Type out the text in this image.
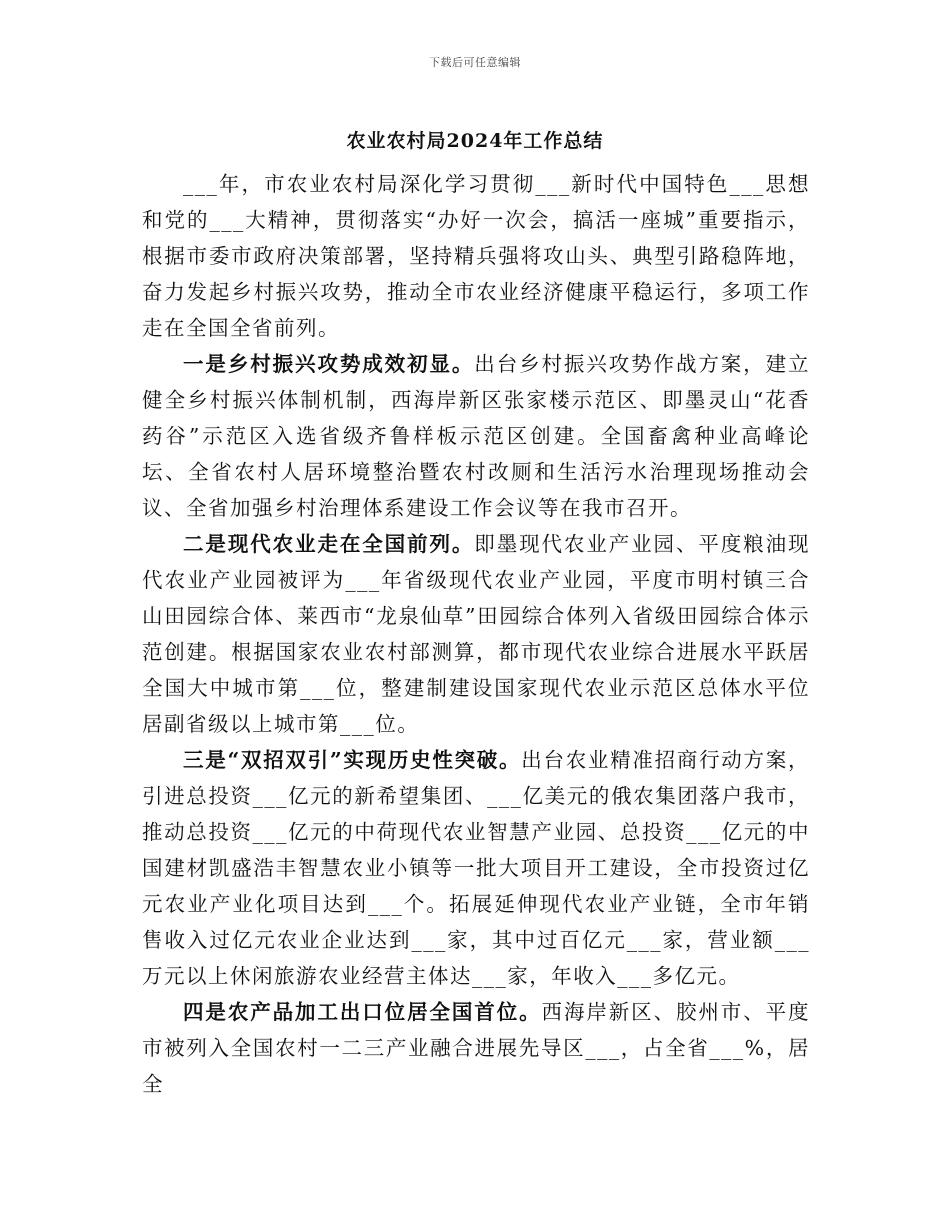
下载后可任意编辑
农业农村局2024年工作总结

___年，市农业农村局深化学习贯彻___新时代中国特色___思想和党的___大精神，贯彻落实“办好一次会，搞活一座城”重要指示，根据市委市政府决策部署，坚持精兵强将攻山头、典型引路稳阵地，奋力发起乡村振兴攻势，推动全市农业经济健康平稳运行，多项工作走在全国全省前列。

一是乡村振兴攻势成效初显。出台乡村振兴攻势作战方案，建立健全乡村振兴体制机制，西海岸新区张家楼示范区、即墨灵山“花香药谷”示范区入选省级齐鲁样板示范区创建。全国畜禽种业高峰论坛、全省农村人居环境整治暨农村改厕和生活污水治理现场推动会议、全省加强乡村治理体系建设工作会议等在我市召开。

二是现代农业走在全国前列。即墨现代农业产业园、平度粮油现代农业产业园被评为___年省级现代农业产业园，平度市明村镇三合山田园综合体、莱西市“龙泉仙草”田园综合体列入省级田园综合体示范创建。根据国家农业农村部测算，都市现代农业综合进展水平跃居全国大中城市第___位，整建制建设国家现代农业示范区总体水平位居副省级以上城市第___位。

三是“双招双引”实现历史性突破。出台农业精准招商行动方案，引进总投资___亿元的新希望集团、___亿美元的俄农集团落户我市，推动总投资___亿元的中荷现代农业智慧产业园、总投资___亿元的中国建材凯盛浩丰智慧农业小镇等一批大项目开工建设，全市投资过亿元农业产业化项目达到___个。拓展延伸现代农业产业链，全市年销售收入过亿元农业企业达到___家，其中过百亿元___家，营业额___万元以上休闲旅游农业经营主体达___家，年收入___多亿元。

四是农产品加工出口位居全国首位。西海岸新区、胶州市、平度市被列入全国农村一二三产业融合进展先导区___，占全省___%，居全
